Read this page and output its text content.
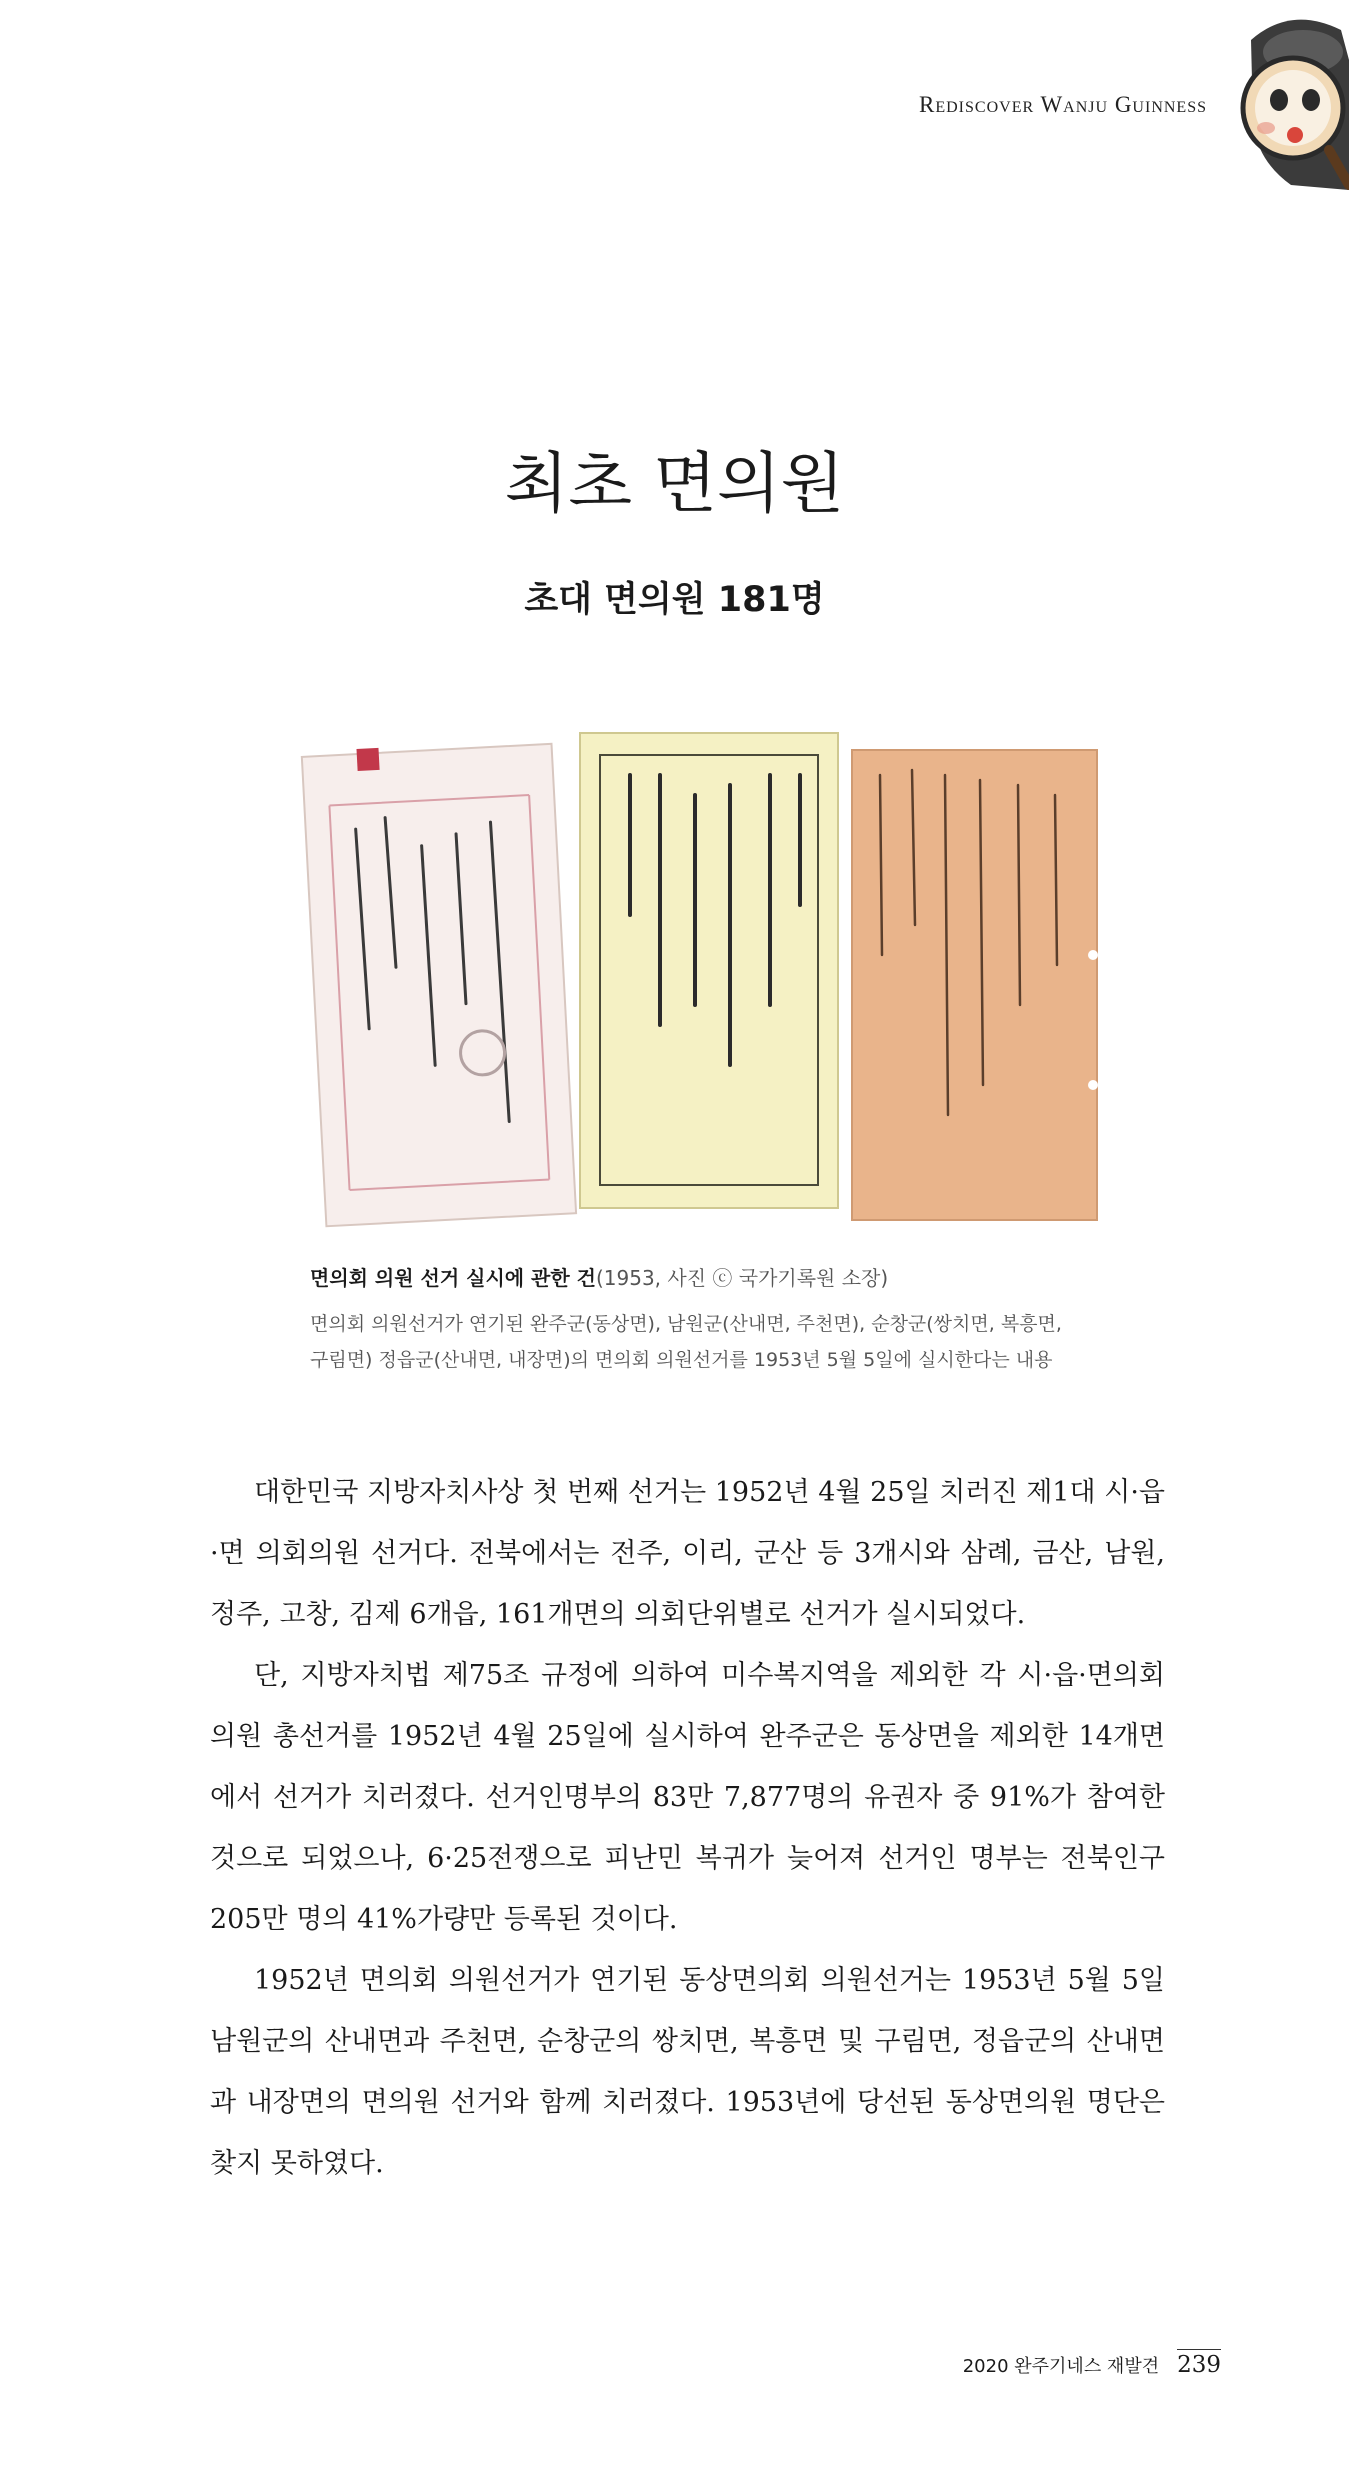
Rediscover Wanju Guinness
최초 면의원
초대 면의원 181명
면의회 의원 선거 실시에 관한 건(1953, 사진 ⓒ 국가기록원 소장)
면의회 의원선거가 연기된 완주군(동상면), 남원군(산내면, 주천면), 순창군(쌍치면, 복흥면,
구림면) 정읍군(산내면, 내장면)의 면의회 의원선거를 1953년 5월 5일에 실시한다는 내용

대한민국 지방자치사상 첫 번째 선거는 1952년 4월 25일 치러진 제1대 시·읍·면 의회의원 선거다. 전북에서는 전주, 이리, 군산 등 3개시와 삼례, 금산, 남원, 정주, 고창, 김제 6개읍, 161개면의 의회단위별로 선거가 실시되었다.

단, 지방자치법 제75조 규정에 의하여 미수복지역을 제외한 각 시·읍·면의회 의원 총선거를 1952년 4월 25일에 실시하여 완주군은 동상면을 제외한 14개면에서 선거가 치러졌다. 선거인명부의 83만 7,877명의 유권자 중 91%가 참여한 것으로 되었으나, 6·25전쟁으로 피난민 복귀가 늦어져 선거인 명부는 전북인구 205만 명의 41%가량만 등록된 것이다.

1952년 면의회 의원선거가 연기된 동상면의회 의원선거는 1953년 5월 5일 남원군의 산내면과 주천면, 순창군의 쌍치면, 복흥면 및 구림면, 정읍군의 산내면과 내장면의 면의원 선거와 함께 치러졌다. 1953년에 당선된 동상면의원 명단은 찾지 못하였다.

2020 완주기네스 재발견 239
